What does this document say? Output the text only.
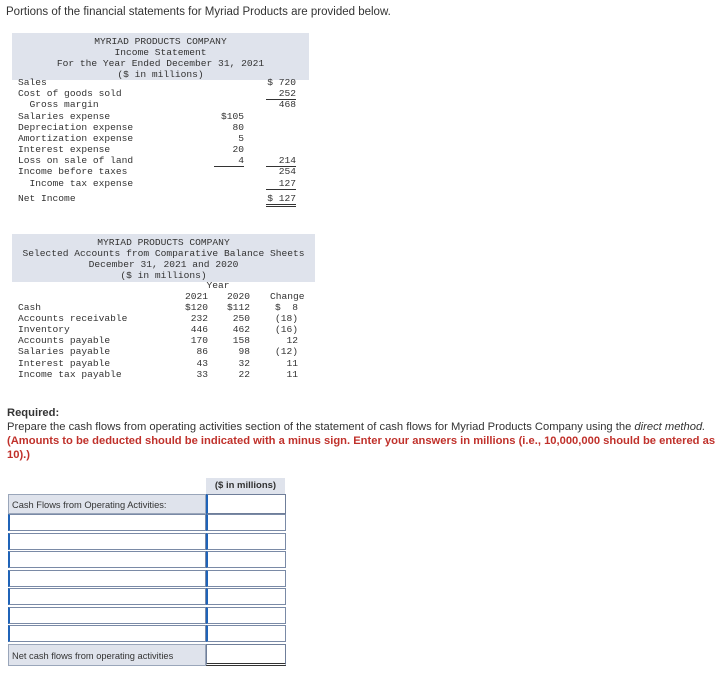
Portions of the financial statements for Myriad Products are provided below.
MYRIAD PRODUCTS COMPANY
Income Statement
For the Year Ended December 31, 2021
($ in millions)
Sales	$ 720
Cost of goods sold	252
Gross margin	468
Salaries expense	$105
Depreciation expense	80
Amortization expense	5
Interest expense	20
Loss on sale of land	4	214
Income before taxes	254
Income tax expense	127
Net Income	$ 127
MYRIAD PRODUCTS COMPANY
Selected Accounts from Comparative Balance Sheets
December 31, 2021 and 2020
($ in millions)
Year
2021	2020 Change
Cash	$120	$112	$  8
Accounts receivable	232	250	(18)
Inventory	446	462	(16)
Accounts payable	170	158	12
Salaries payable	86	98	(12)
Interest payable	43	32	11
Income tax payable	33	22	11
Required:
Prepare the cash flows from operating activities section of the statement of cash flows for Myriad Products Company using the direct method. (Amounts to be deducted should be indicated with a minus sign. Enter your answers in millions (i.e., 10,000,000 should be entered as 10).)
($ in millions)
Cash Flows from Operating Activities:
Net cash flows from operating activities
